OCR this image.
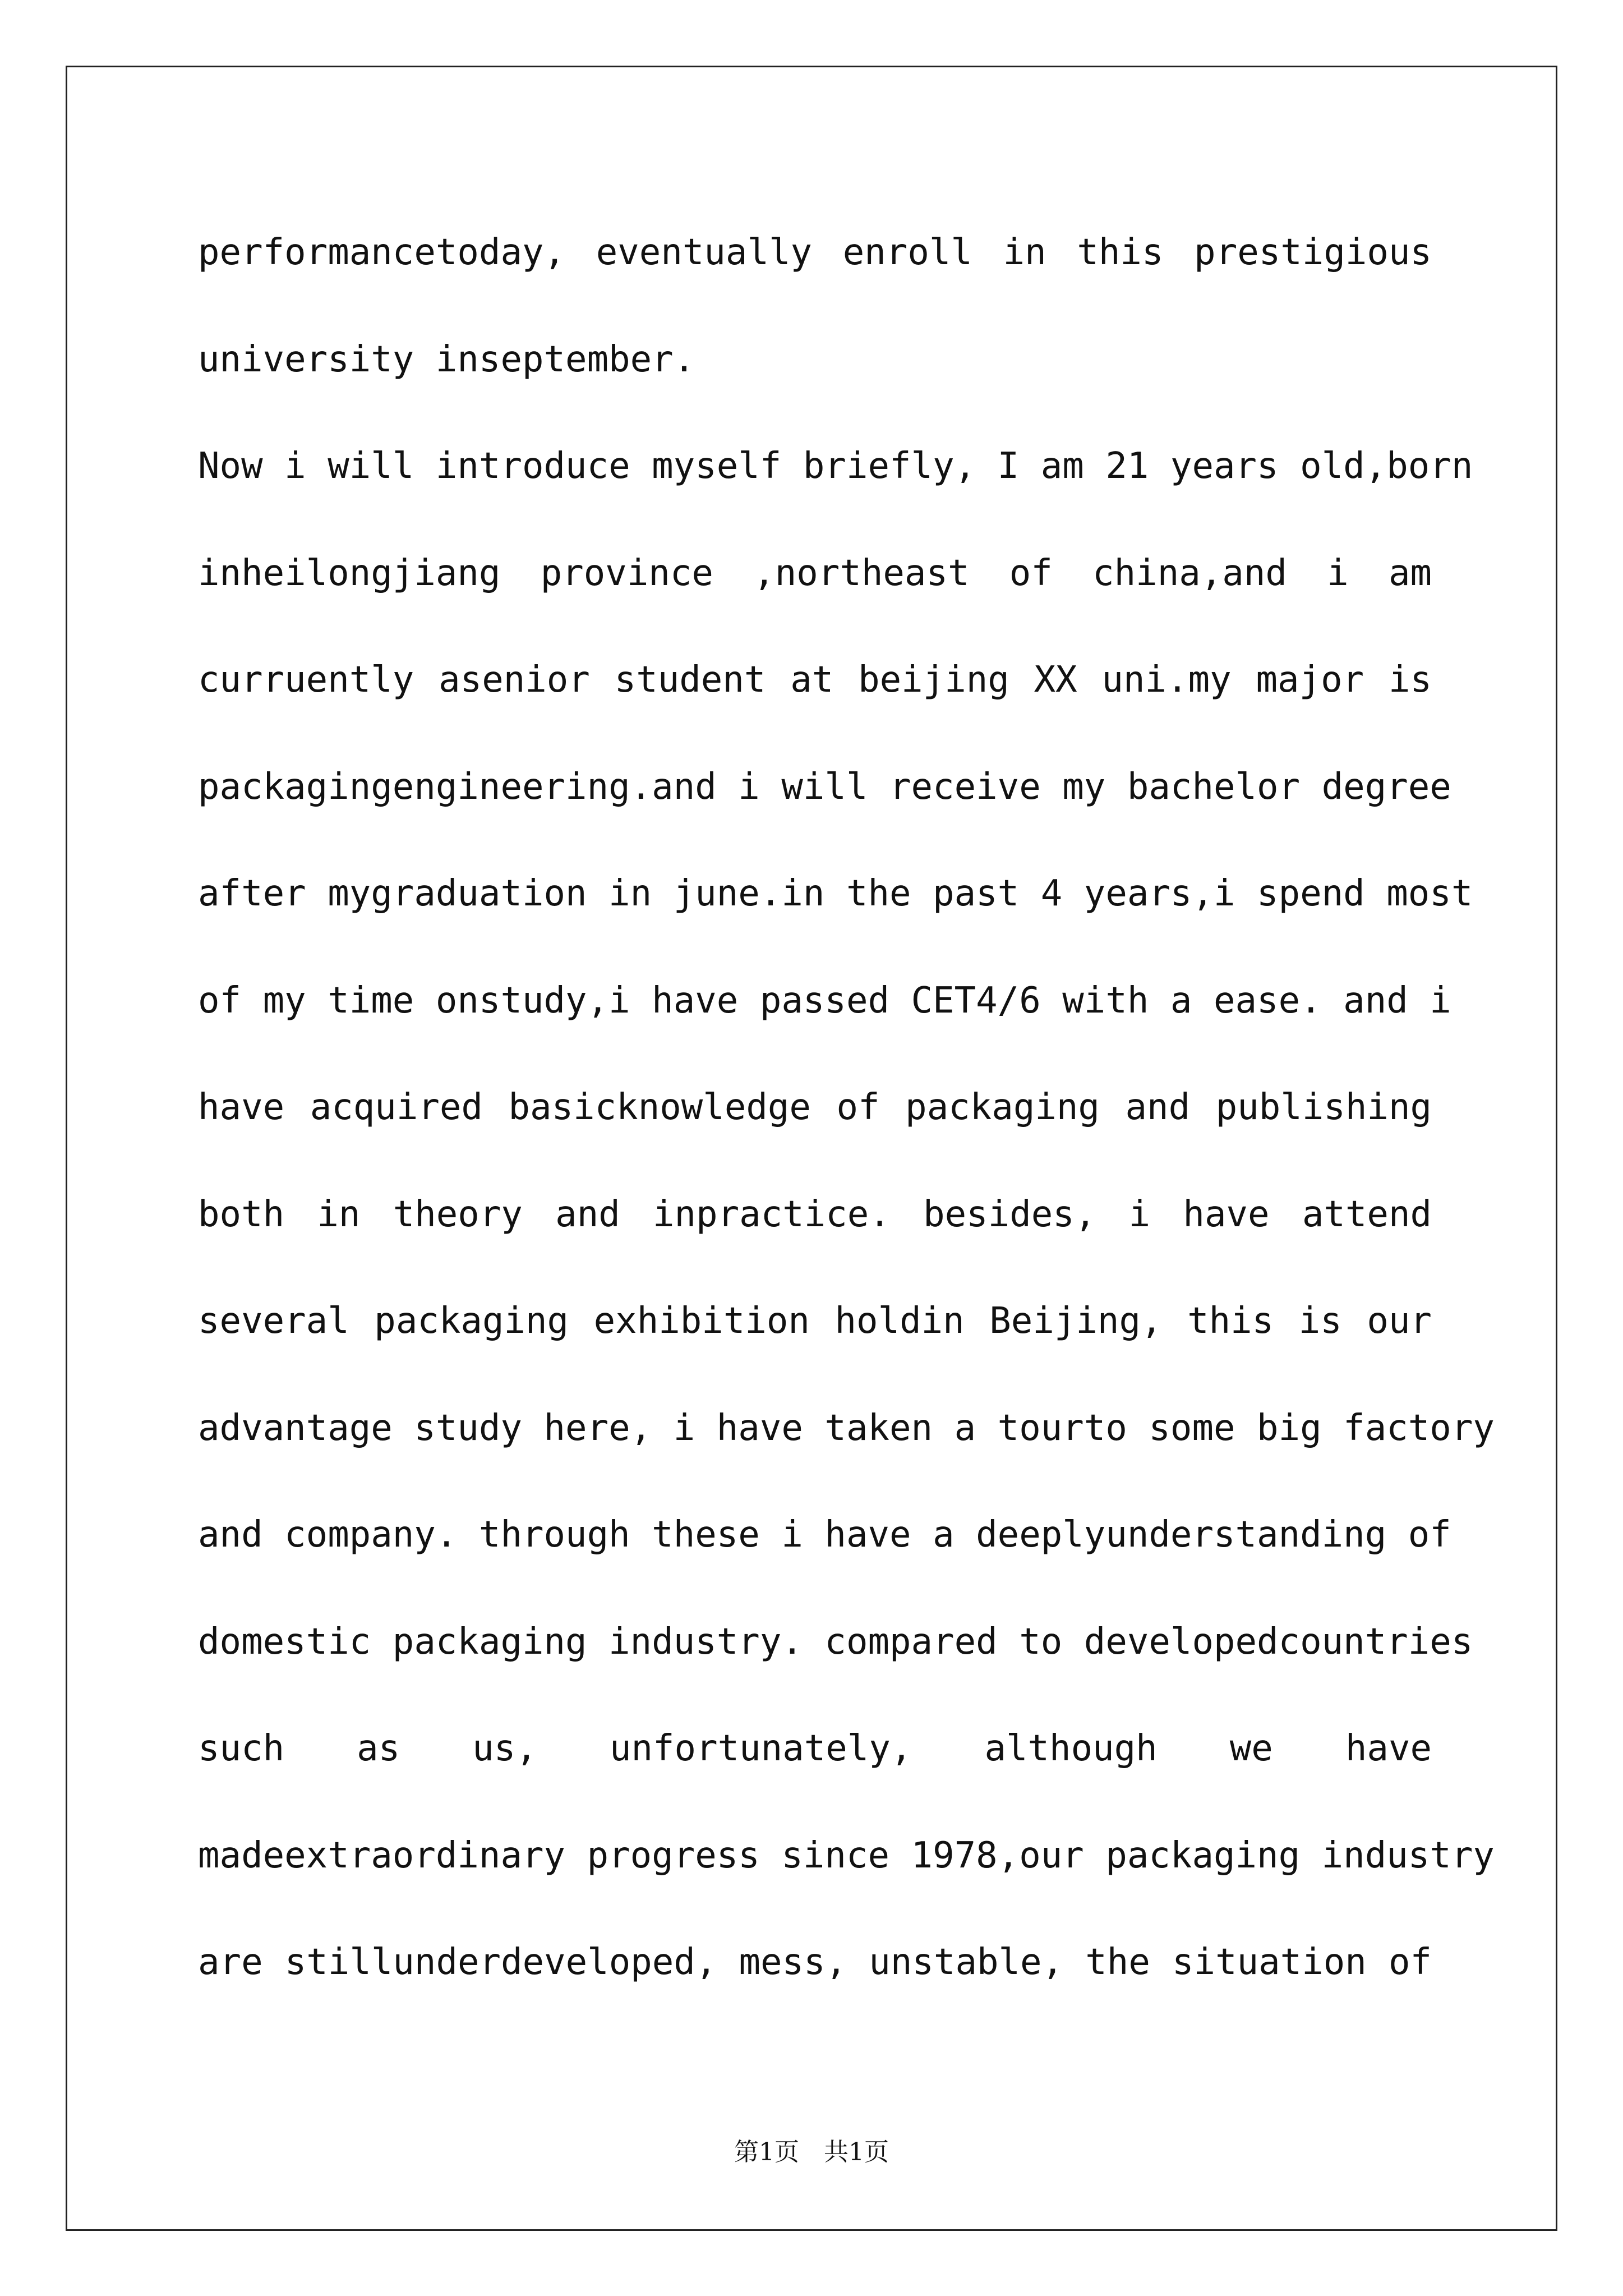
performancetoday, eventually enroll in this prestigious
university inseptember.
Now i will introduce myself briefly, I am 21 years old,born
inheilongjiang province ,northeast of china,and i am
curruently asenior student at beijing XX uni.my major is
packagingengineering.and i will receive my bachelor degree
after mygraduation in june.in the past 4 years,i spend most
of my time onstudy,i have passed CET4/6 with a ease. and i
have acquired basicknowledge of packaging and publishing
both in theory and inpractice. besides, i have attend
several packaging exhibition holdin Beijing, this is our
advantage study here, i have taken a tourto some big factory
and company. through these i have a deeplyunderstanding of
domestic packaging industry. compared to developedcountries
such as us, unfortunately, although we have
madeextraordinary progress since 1978,our packaging industry
are stillunderdeveloped, mess, unstable, the situation of
第1页　共1页
